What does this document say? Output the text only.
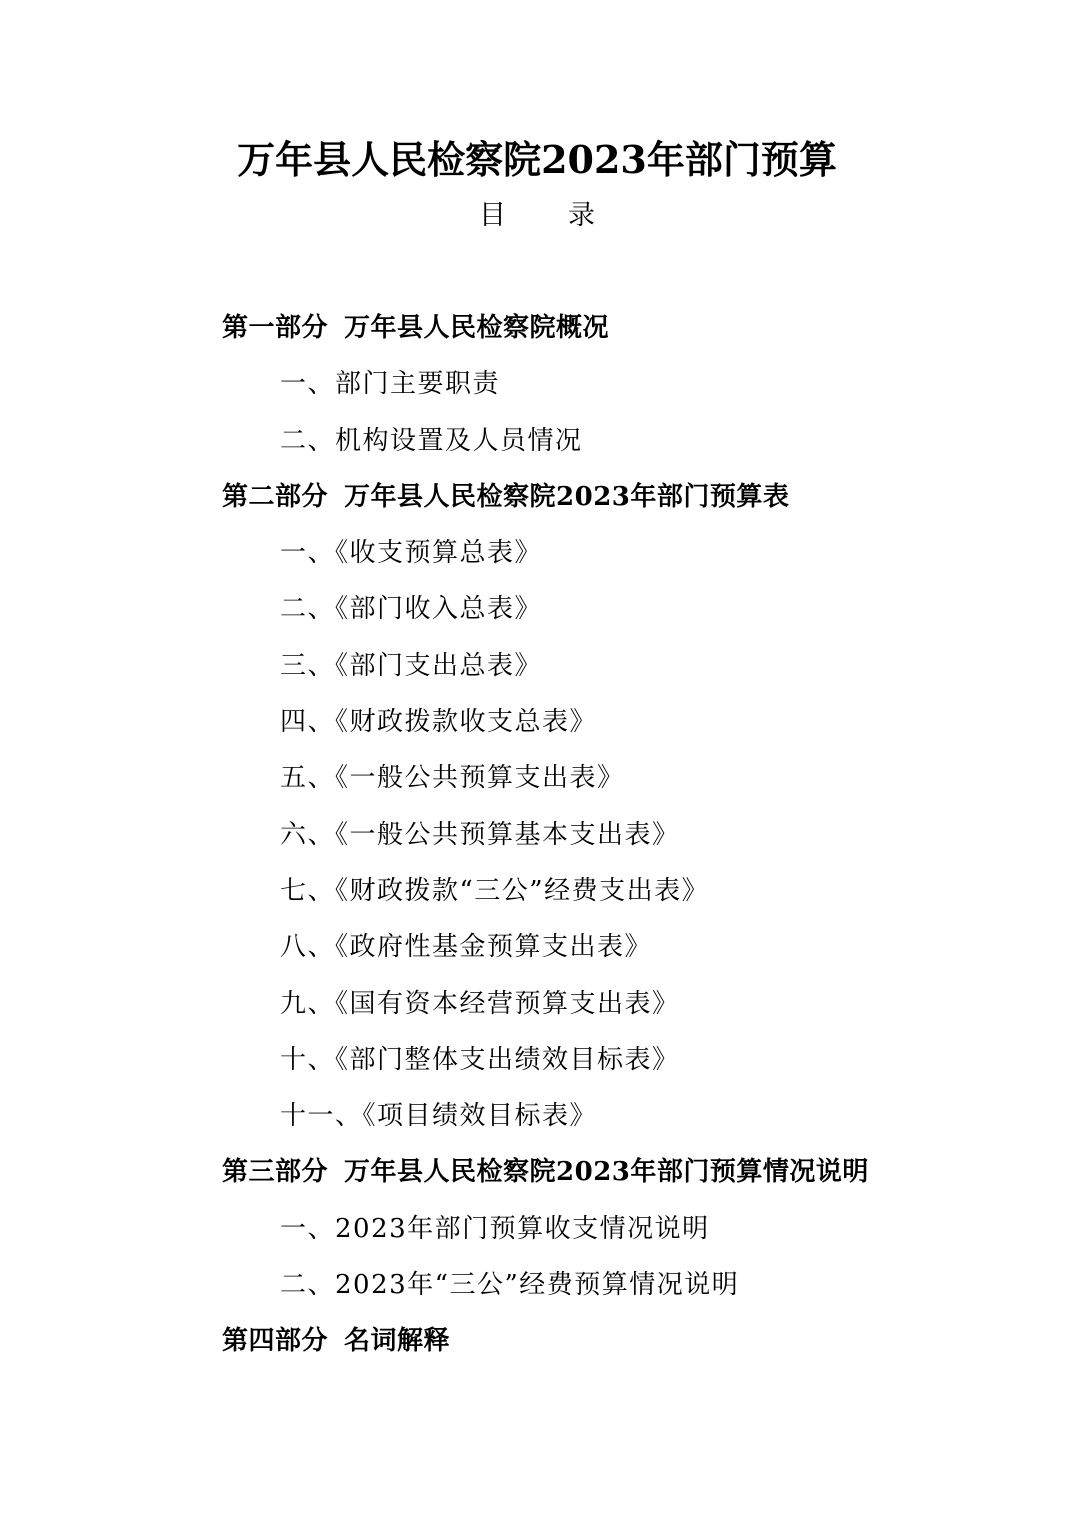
万年县人民检察院2023年部门预算
目 录
第一部分 万年县人民检察院概况
一、部门主要职责
二、机构设置及人员情况
第二部分 万年县人民检察院2023年部门预算表
一、《收支预算总表》
二、《部门收入总表》
三、《部门支出总表》
四、《财政拨款收支总表》
五、《一般公共预算支出表》
六、《一般公共预算基本支出表》
七、《财政拨款“三公”经费支出表》
八、《政府性基金预算支出表》
九、《国有资本经营预算支出表》
十、《部门整体支出绩效目标表》
十一、《项目绩效目标表》
第三部分 万年县人民检察院2023年部门预算情况说明
一、2023年部门预算收支情况说明
二、2023年“三公”经费预算情况说明
第四部分 名词解释
